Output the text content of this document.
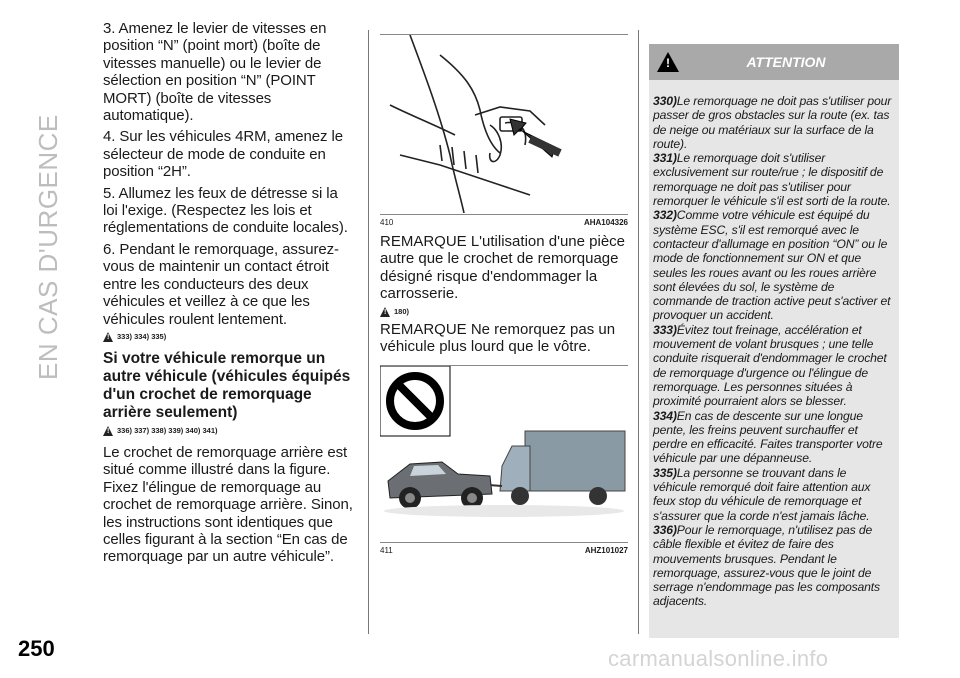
EN CAS D'URGENCE

3. Amenez le levier de vitesses en position “N” (point mort) (boîte de vitesses manuelle) ou le levier de sélection en position “N” (POINT MORT) (boîte de vitesses automatique).

4. Sur les véhicules 4RM, amenez le sélecteur de mode de conduite en position “2H”.

5. Allumez les feux de détresse si la loi l'exige. (Respectez les lois et réglementations de conduite locales).

6. Pendant le remorquage, assurez-vous de maintenir un contact étroit entre les conducteurs des deux véhicules et veillez à ce que les véhicules roulent lentement.

! 333) 334) 335)
Si votre véhicule remorque un autre véhicule (véhicules équipés d'un crochet de remorquage arrière seulement)
! 336) 337) 338) 339) 340) 341)

Le crochet de remorquage arrière est situé comme illustré dans la figure. Fixez l'élingue de remorquage au crochet de remorquage arrière. Sinon, les instructions sont identiques que celles figurant à la section “En cas de remorquage par un autre véhicule”.

410	AHA104326

REMARQUE L'utilisation d'une pièce autre que le crochet de remorquage désigné risque d'endommager la carrosserie.

! 180)

REMARQUE Ne remorquez pas un véhicule plus lourd que le vôtre.

411	AHZ101027
!	ATTENTION

330)Le remorquage ne doit pas s'utiliser pour passer de gros obstacles sur la route (ex. tas de neige ou matériaux sur la surface de la route).

331)Le remorquage doit s'utiliser exclusivement sur route/rue ; le dispositif de remorquage ne doit pas s'utiliser pour remorquer le véhicule s'il est sorti de la route.

332)Comme votre véhicule est équipé du système ESC, s'il est remorqué avec le contacteur d'allumage en position “ON” ou le mode de fonctionnement sur ON et que seules les roues avant ou les roues arrière sont élevées du sol, le système de commande de traction active peut s'activer et provoquer un accident.

333)Évitez tout freinage, accélération et mouvement de volant brusques ; une telle conduite risquerait d'endommager le crochet de remorquage d'urgence ou l'élingue de remorquage. Les personnes situées à proximité pourraient alors se blesser.

334)En cas de descente sur une longue pente, les freins peuvent surchauffer et perdre en efficacité. Faites transporter votre véhicule par une dépanneuse.

335)La personne se trouvant dans le véhicule remorqué doit faire attention aux feux stop du véhicule de remorquage et s'assurer que la corde n'est jamais lâche.

336)Pour le remorquage, n'utilisez pas de câble flexible et évitez de faire des mouvements brusques. Pendant le remorquage, assurez-vous que le joint de serrage n'endommage pas les composants adjacents.

250	carmanualsonline.info
